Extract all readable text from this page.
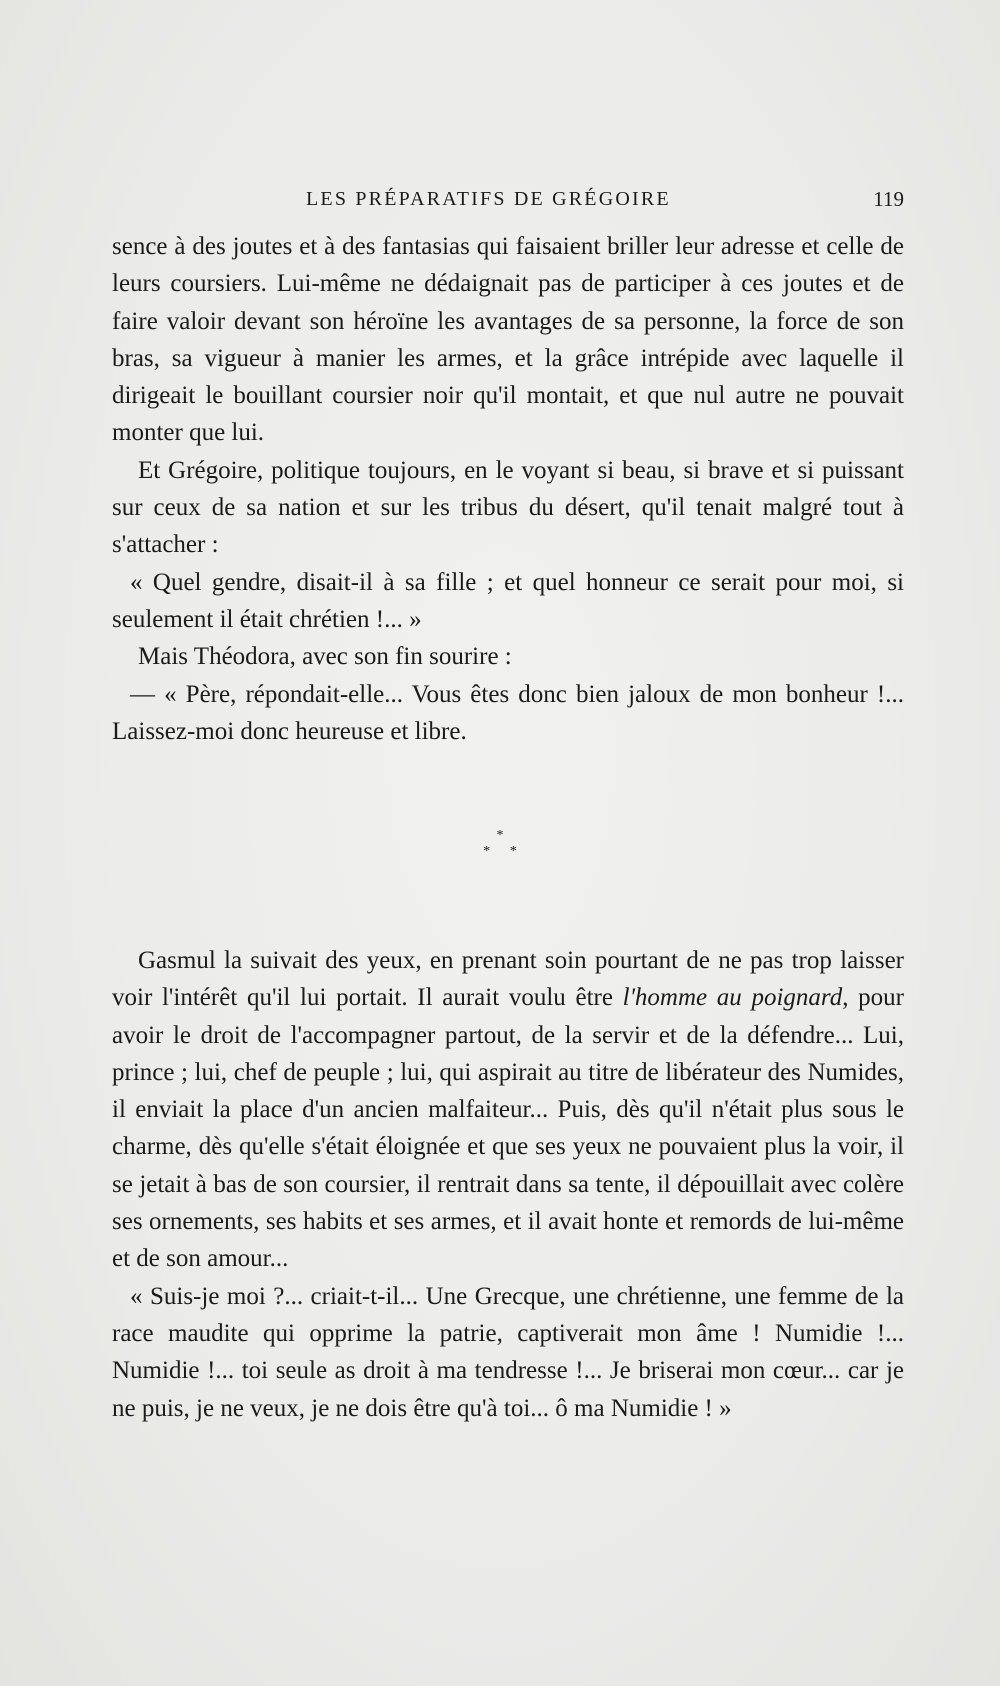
LES PRÉPARATIFS DE GRÉGOIRE	119

sence à des joutes et à des fantasias qui faisaient briller leur adresse et celle de leurs coursiers. Lui-même ne dédaignait pas de participer à ces joutes et de faire valoir devant son héroïne les avantages de sa personne, la force de son bras, sa vigueur à manier les armes, et la grâce intrépide avec laquelle il dirigeait le bouillant coursier noir qu'il montait, et que nul autre ne pouvait monter que lui.

Et Grégoire, politique toujours, en le voyant si beau, si brave et si puissant sur ceux de sa nation et sur les tribus du désert, qu'il tenait malgré tout à s'attacher :

« Quel gendre, disait-il à sa fille ; et quel honneur ce serait pour moi, si seulement il était chrétien !... »

Mais Théodora, avec son fin sourire :

— « Père, répondait-elle... Vous êtes donc bien jaloux de mon bonheur !... Laissez-moi donc heureuse et libre.

*
* *

Gasmul la suivait des yeux, en prenant soin pourtant de ne pas trop laisser voir l'intérêt qu'il lui portait. Il aurait voulu être l'homme au poignard, pour avoir le droit de l'accompagner partout, de la servir et de la défendre... Lui, prince ; lui, chef de peuple ; lui, qui aspirait au titre de libérateur des Numides, il enviait la place d'un ancien malfaiteur... Puis, dès qu'il n'était plus sous le charme, dès qu'elle s'était éloignée et que ses yeux ne pouvaient plus la voir, il se jetait à bas de son coursier, il rentrait dans sa tente, il dépouillait avec colère ses ornements, ses habits et ses armes, et il avait honte et remords de lui-même et de son amour...

« Suis-je moi ?... criait-t-il... Une Grecque, une chrétienne, une femme de la race maudite qui opprime la patrie, captiverait mon âme ! Numidie !... Numidie !... toi seule as droit à ma tendresse !... Je briserai mon cœur... car je ne puis, je ne veux, je ne dois être qu'à toi... ô ma Numidie ! »
